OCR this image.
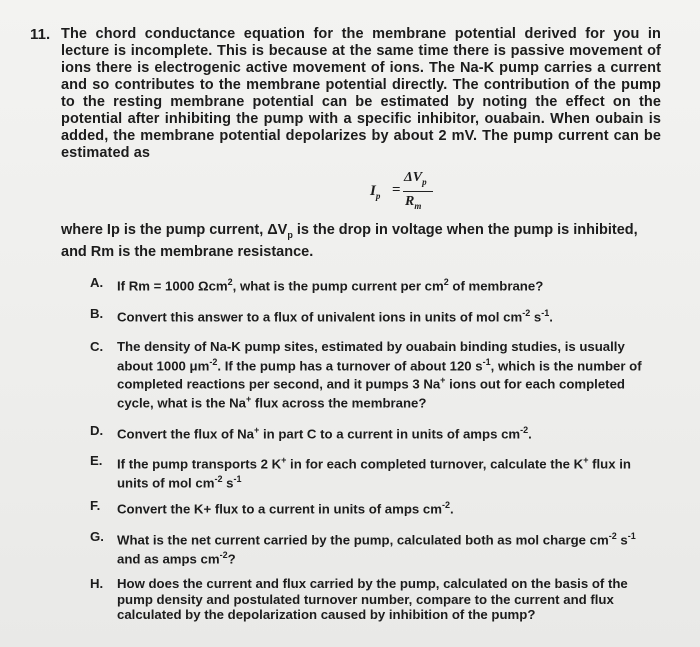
11. The chord conductance equation for the membrane potential derived for you in lecture is incomplete. This is because at the same time there is passive movement of ions there is electrogenic active movement of ions. The Na-K pump carries a current and so contributes to the membrane potential directly. The contribution of the pump to the resting membrane potential can be estimated by noting the effect on the potential after inhibiting the pump with a specific inhibitor, ouabain. When oubain is added, the membrane potential depolarizes by about 2 mV. The pump current can be estimated as
$I_p$ =
$\Delta V_p$
$R_m$
where Ip is the pump current, $\Delta V_p$ is the drop in voltage when the pump is inhibited, and Rm is the membrane resistance.
A. If Rm = 1000 Ωcm$^2$, what is the pump current per $cm^2$ of membrane?
B. Convert this answer to a flux of univalent ions in units of mol $cm^{-2}$ $s^{-1}$.
C. The density of Na-K pump sites, estimated by ouabain binding studies, is usually about 1000 $\mu m^{-2}$. If the pump has a turnover of about 120 $s^{-1}$, which is the number of completed reactions per second, and it pumps 3 Na+ ions out for each completed cycle, what is the Na+ flux across the membrane?
D. Convert the flux of Na+ in part C to a current in units of amps $cm^{-2}$.
E. If the pump transports 2 K+ in for each completed turnover, calculate the K+ flux in units of mol $cm^{-2}$ $s^{-1}$
F. Convert the K+ flux to a current in units of amps $cm^{-2}$.
G. What is the net current carried by the pump, calculated both as mol charge $cm^{-2}$ $s^{-1}$ and as amps $cm^{-2}$?
H. How does the current and flux carried by the pump, calculated on the basis of the pump density and postulated turnover number, compare to the current and flux calculated by the depolarization caused by inhibition of the pump?
